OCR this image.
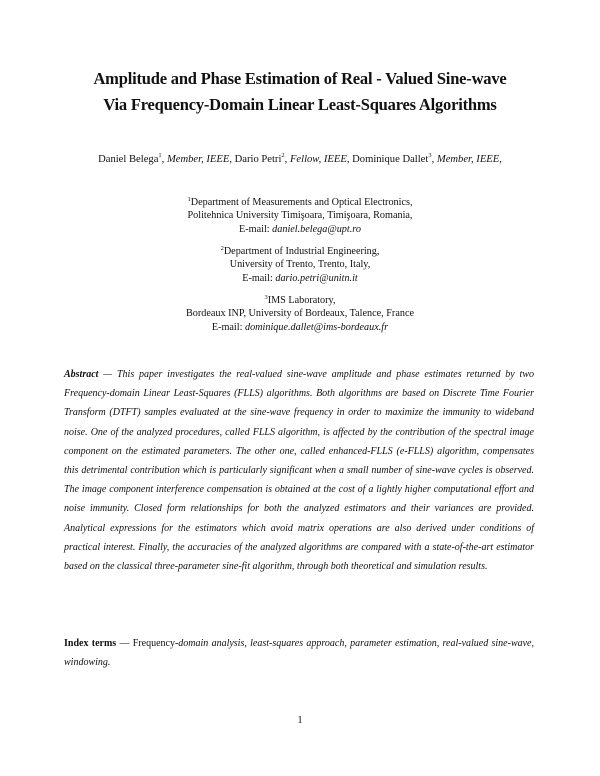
Amplitude and Phase Estimation of Real - Valued Sine-wave
Via Frequency-Domain Linear Least-Squares Algorithms
Daniel Belega$^1$, Member, IEEE, Dario Petri$^2$, Fellow, IEEE, Dominique Dallet$^3$, Member, IEEE,
$^1$Department of Measurements and Optical Electronics,
Politehnica University Timişoara, Timişoara, Romania,
E-mail: daniel.belega@upt.ro
$^2$Department of Industrial Engineering,
University of Trento, Trento, Italy,
E-mail: dario.petri@unitn.it
$^3$IMS Laboratory,
Bordeaux INP, University of Bordeaux, Talence, France
E-mail: dominique.dallet@ims-bordeaux.fr
Abstract — This paper investigates the real-valued sine-wave amplitude and phase estimates returned by two Frequency-domain Linear Least-Squares (FLLS) algorithms. Both algorithms are based on Discrete Time Fourier Transform (DTFT) samples evaluated at the sine-wave frequency in order to maximize the immunity to wideband noise. One of the analyzed procedures, called FLLS algorithm, is affected by the contribution of the spectral image component on the estimated parameters. The other one, called enhanced-FLLS (e-FLLS) algorithm, compensates this detrimental contribution which is particularly significant when a small number of sine-wave cycles is observed. The image component interference compensation is obtained at the cost of a lightly higher computational effort and noise immunity. Closed form relationships for both the analyzed estimators and their variances are provided. Analytical expressions for the estimators which avoid matrix operations are also derived under conditions of practical interest. Finally, the accuracies of the analyzed algorithms are compared with a state-of-the-art estimator based on the classical three-parameter sine-fit algorithm, through both theoretical and simulation results.
Index terms — Frequency-domain analysis, least-squares approach, parameter estimation, real-valued sine-wave, windowing.
1
